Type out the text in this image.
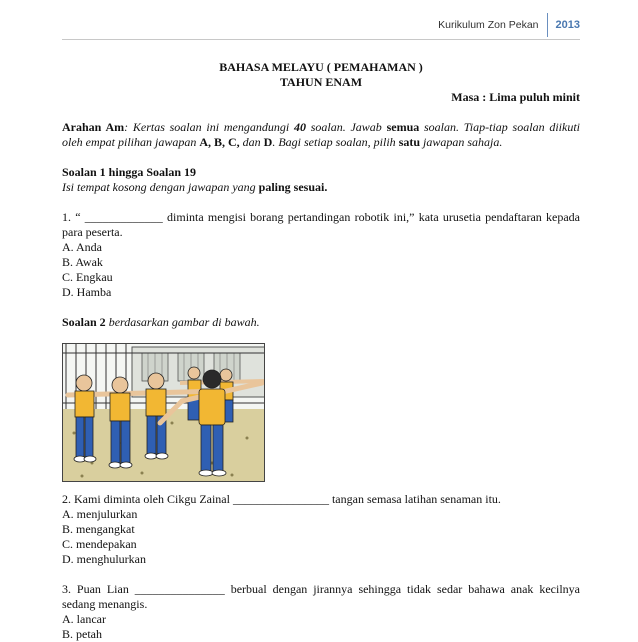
Kurikulum Zon Pekan	2013

BAHASA MELAYU ( PEMAHAMAN )

TAHUN ENAM

Masa : Lima puluh minit

Arahan Am: Kertas soalan ini mengandungi 40 soalan. Jawab semua soalan. Tiap-tiap soalan diikuti oleh empat pilihan jawapan A, B, C, dan D. Bagi setiap soalan, pilih satu jawapan sahaja.

Soalan 1 hingga Soalan 19

Isi tempat kosong dengan jawapan yang paling sesuai.

1. “ _____________ diminta mengisi borang pertandingan robotik ini,” kata urusetia pendaftaran kepada para peserta.

A. Anda

B. Awak

C. Engkau

D. Hamba

Soalan 2 berdasarkan gambar di bawah.

2. Kami diminta oleh Cikgu Zainal ________________ tangan semasa latihan senaman itu.

A. menjulurkan

B. mengangkat

C. mendepakan

D. menghulurkan

3. Puan Lian _______________ berbual dengan jirannya sehingga tidak sedar bahawa anak kecilnya sedang menangis.

A. lancar

B. petah
